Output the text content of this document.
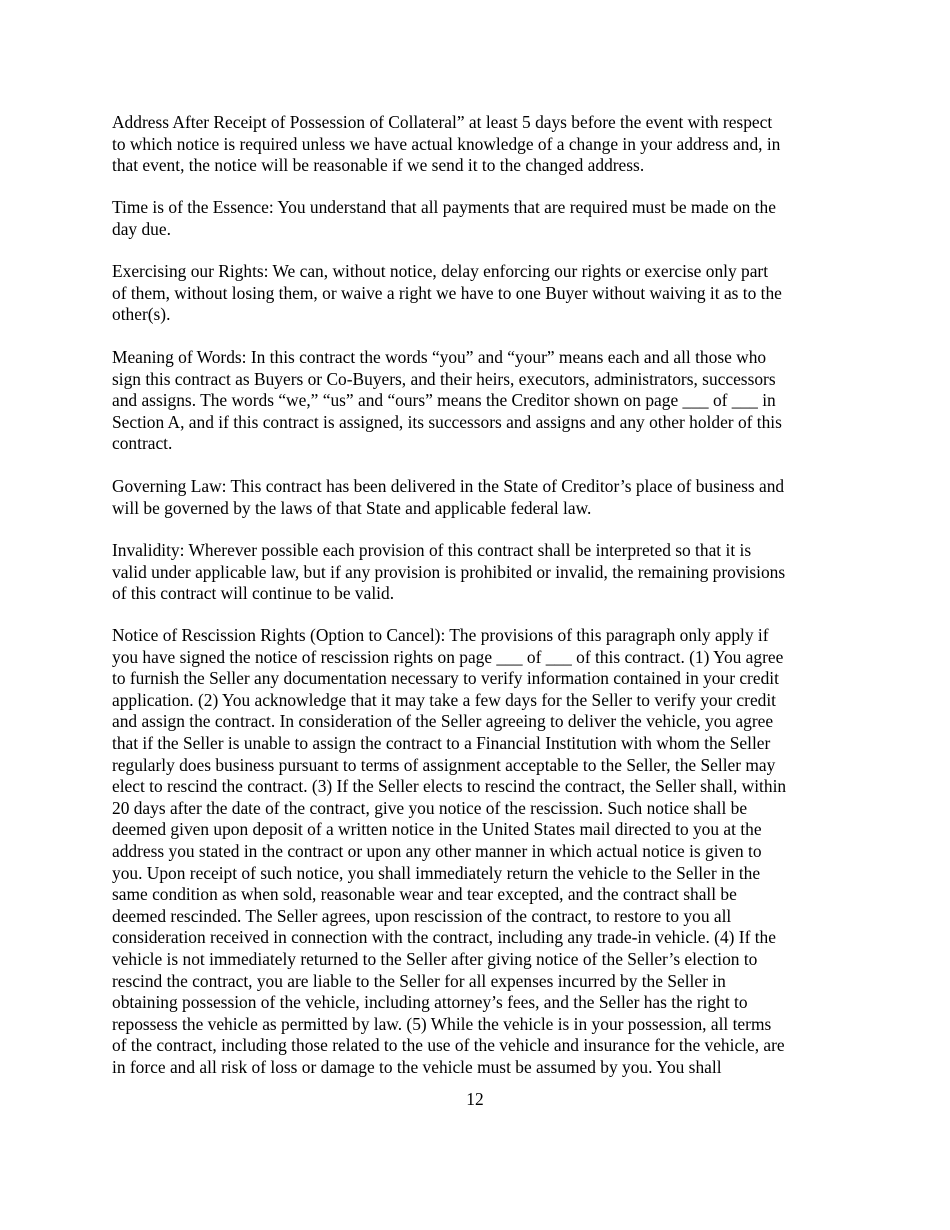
Address After Receipt of Possession of Collateral” at least 5 days before the event with respect
to which notice is required unless we have actual knowledge of a change in your address and, in
that event, the notice will be reasonable if we send it to the changed address.

Time is of the Essence: You understand that all payments that are required must be made on the
day due.

Exercising our Rights: We can, without notice, delay enforcing our rights or exercise only part
of them, without losing them, or waive a right we have to one Buyer without waiving it as to the
other(s).

Meaning of Words: In this contract the words “you” and “your” means each and all those who
sign this contract as Buyers or Co-Buyers, and their heirs, executors, administrators, successors
and assigns. The words “we,” “us” and “ours” means the Creditor shown on page ___ of ___ in
Section A, and if this contract is assigned, its successors and assigns and any other holder of this
contract.

Governing Law: This contract has been delivered in the State of Creditor’s place of business and
will be governed by the laws of that State and applicable federal law.

Invalidity: Wherever possible each provision of this contract shall be interpreted so that it is
valid under applicable law, but if any provision is prohibited or invalid, the remaining provisions
of this contract will continue to be valid.

Notice of Rescission Rights (Option to Cancel): The provisions of this paragraph only apply if
you have signed the notice of rescission rights on page ___ of ___ of this contract. (1) You agree
to furnish the Seller any documentation necessary to verify information contained in your credit
application. (2) You acknowledge that it may take a few days for the Seller to verify your credit
and assign the contract. In consideration of the Seller agreeing to deliver the vehicle, you agree
that if the Seller is unable to assign the contract to a Financial Institution with whom the Seller
regularly does business pursuant to terms of assignment acceptable to the Seller, the Seller may
elect to rescind the contract. (3) If the Seller elects to rescind the contract, the Seller shall, within
20 days after the date of the contract, give you notice of the rescission. Such notice shall be
deemed given upon deposit of a written notice in the United States mail directed to you at the
address you stated in the contract or upon any other manner in which actual notice is given to
you. Upon receipt of such notice, you shall immediately return the vehicle to the Seller in the
same condition as when sold, reasonable wear and tear excepted, and the contract shall be
deemed rescinded. The Seller agrees, upon rescission of the contract, to restore to you all
consideration received in connection with the contract, including any trade-in vehicle. (4) If the
vehicle is not immediately returned to the Seller after giving notice of the Seller’s election to
rescind the contract, you are liable to the Seller for all expenses incurred by the Seller in
obtaining possession of the vehicle, including attorney’s fees, and the Seller has the right to
repossess the vehicle as permitted by law. (5) While the vehicle is in your possession, all terms
of the contract, including those related to the use of the vehicle and insurance for the vehicle, are
in force and all risk of loss or damage to the vehicle must be assumed by you. You shall

12
